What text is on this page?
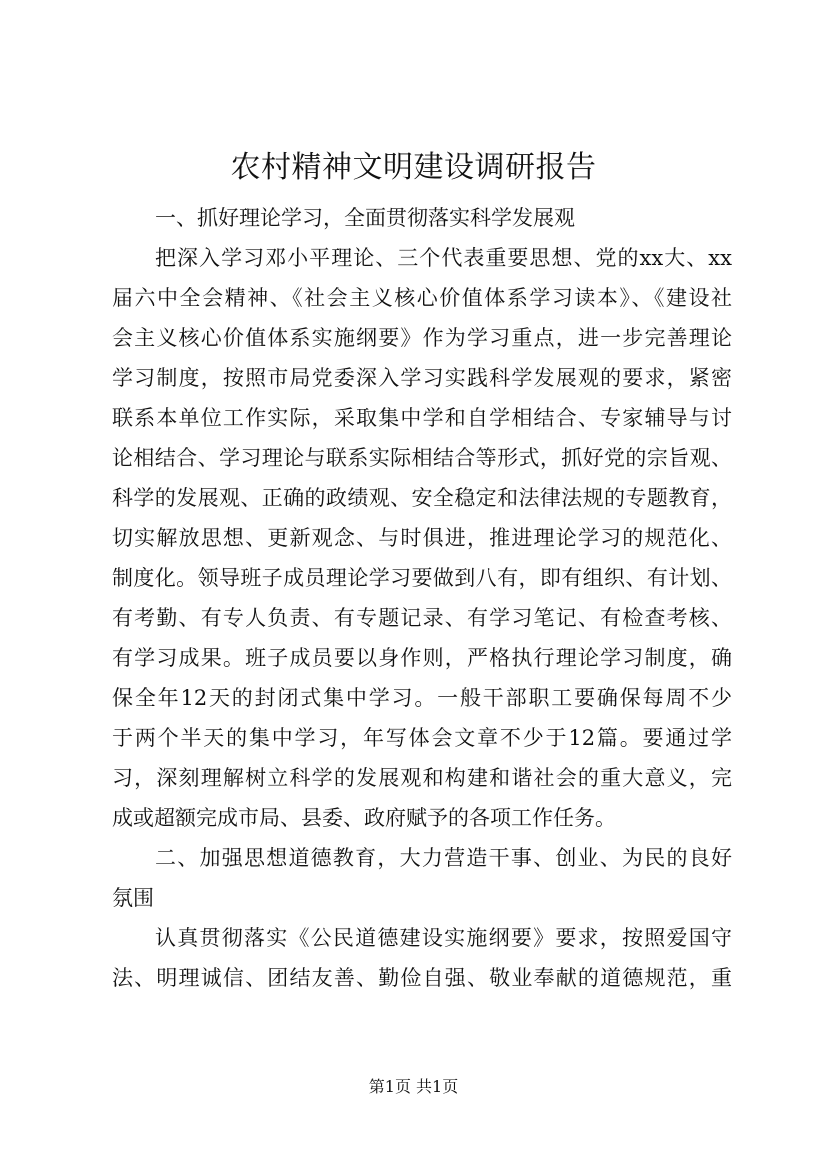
农村精神文明建设调研报告
一、抓好理论学习，全面贯彻落实科学发展观
把深入学习邓小平理论、三个代表重要思想、党的xx大、xx
届六中全会精神、《社会主义核心价值体系学习读本》、《建设社
会主义核心价值体系实施纲要》作为学习重点，进一步完善理论
学习制度，按照市局党委深入学习实践科学发展观的要求，紧密
联系本单位工作实际，采取集中学和自学相结合、专家辅导与讨
论相结合、学习理论与联系实际相结合等形式，抓好党的宗旨观、
科学的发展观、正确的政绩观、安全稳定和法律法规的专题教育，
切实解放思想、更新观念、与时俱进，推进理论学习的规范化、
制度化。领导班子成员理论学习要做到八有，即有组织、有计划、
有考勤、有专人负责、有专题记录、有学习笔记、有检查考核、
有学习成果。班子成员要以身作则，严格执行理论学习制度，确
保全年12天的封闭式集中学习。一般干部职工要确保每周不少
于两个半天的集中学习，年写体会文章不少于12篇。要通过学
习，深刻理解树立科学的发展观和构建和谐社会的重大意义，完
成或超额完成市局、县委、政府赋予的各项工作任务。
二、加强思想道德教育，大力营造干事、创业、为民的良好
氛围
认真贯彻落实《公民道德建设实施纲要》要求，按照爱国守
法、明理诚信、团结友善、勤俭自强、敬业奉献的道德规范，重
第1页 共1页
